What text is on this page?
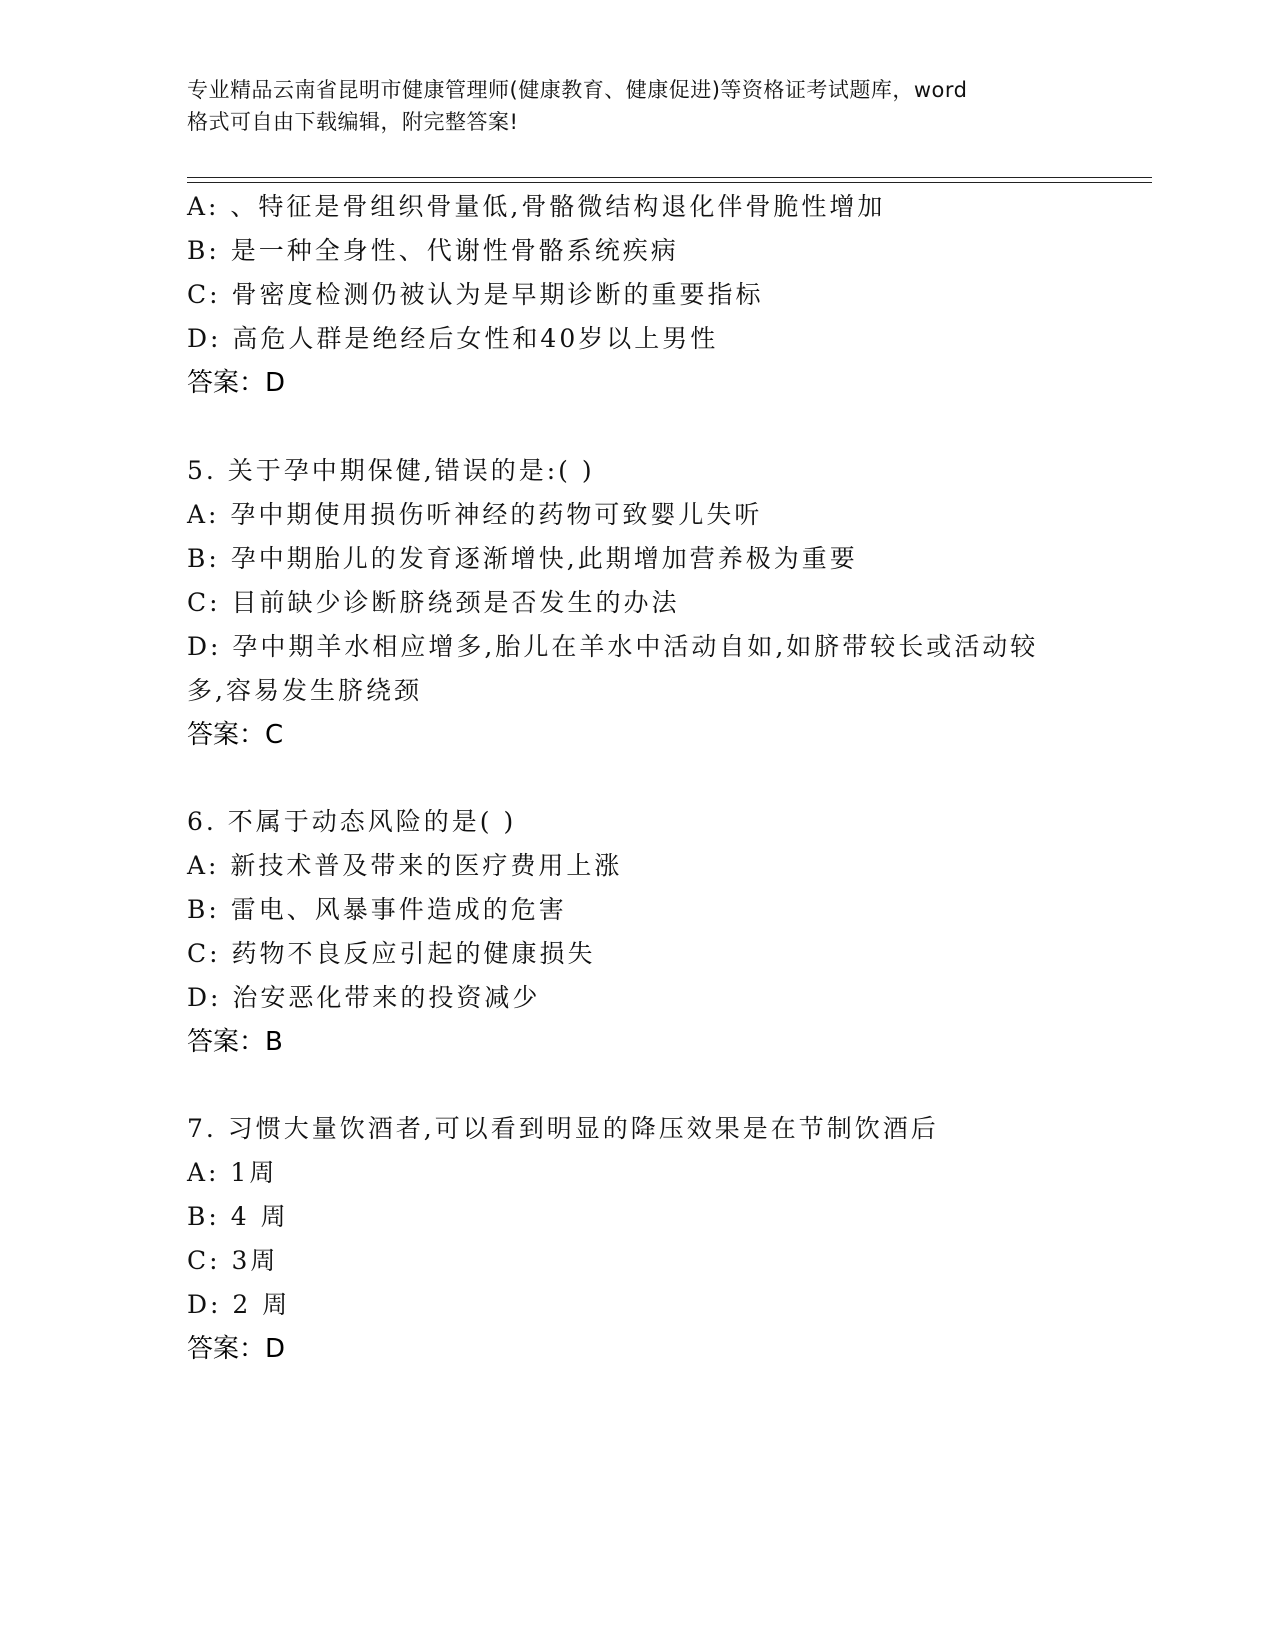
专业精品云南省昆明市健康管理师(健康教育、健康促进)等资格证考试题库，word
格式可自由下载编辑，附完整答案!
A: 、特征是骨组织骨量低,骨骼微结构退化伴骨脆性增加
B: 是一种全身性、代谢性骨骼系统疾病
C: 骨密度检测仍被认为是早期诊断的重要指标
D: 高危人群是绝经后女性和40岁以上男性
答案：D
5. 关于孕中期保健,错误的是:( )
A: 孕中期使用损伤听神经的药物可致婴儿失听
B: 孕中期胎儿的发育逐渐增快,此期增加营养极为重要
C: 目前缺少诊断脐绕颈是否发生的办法
D: 孕中期羊水相应增多,胎儿在羊水中活动自如,如脐带较长或活动较
多,容易发生脐绕颈
答案：C
6. 不属于动态风险的是( )
A: 新技术普及带来的医疗费用上涨
B: 雷电、风暴事件造成的危害
C: 药物不良反应引起的健康损失
D: 治安恶化带来的投资减少
答案：B
7. 习惯大量饮酒者,可以看到明显的降压效果是在节制饮酒后
A: 1周
B: 4 周
C: 3周
D: 2 周
答案：D
